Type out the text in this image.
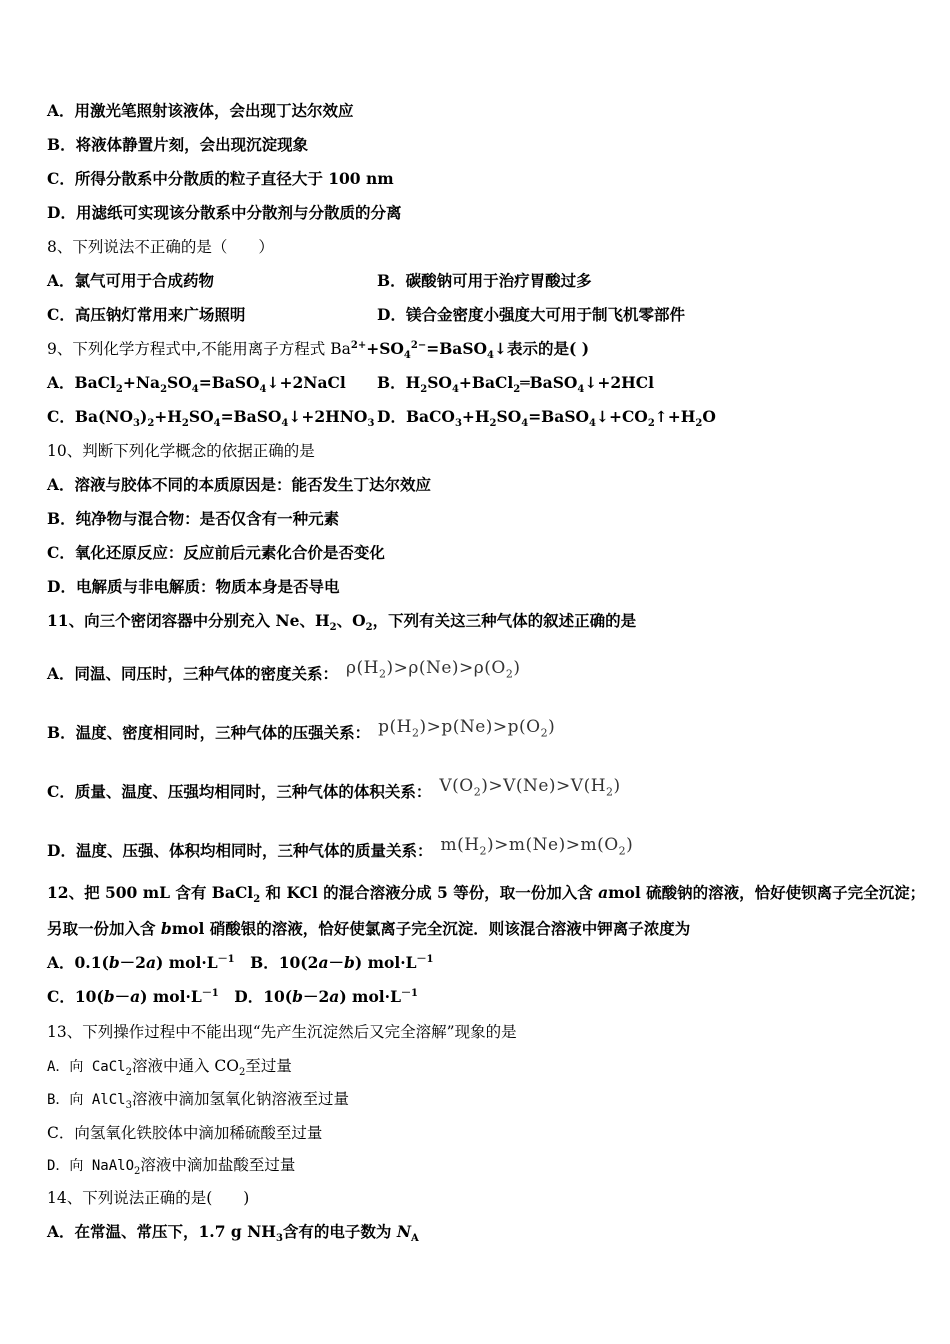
A．用激光笔照射该液体，会出现丁达尔效应
B．将液体静置片刻，会出现沉淀现象
C．所得分散系中分散质的粒子直径大于 100 nm
D．用滤纸可实现该分散系中分散剂与分散质的分离
8、下列说法不正确的是（　　）
A．氯气可用于合成药物	B．碳酸钠可用于治疗胃酸过多
C．高压钠灯常用来广场照明	D．镁合金密度小强度大可用于制飞机零部件
9、下列化学方程式中,不能用离子方程式 $Ba^{2+}+SO_4^{2-}=BaSO_4↓$表示的是( )
A．$BaCl_2+Na_2SO_4=BaSO_4↓+2NaCl$ B．$H_2SO_4+BaCl_2═BaSO_4↓+2HCl$
C．$Ba(NO_3)_2+H_2SO_4=BaSO_4↓+2HNO_3$ D．$BaCO_3+H_2SO_4=BaSO_4↓+CO_2↑+H_2O$
10、判断下列化学概念的依据正确的是
A．溶液与胶体不同的本质原因是：能否发生丁达尔效应
B．纯净物与混合物：是否仅含有一种元素
C．氧化还原反应：反应前后元素化合价是否变化
D．电解质与非电解质：物质本身是否导电
11、向三个密闭容器中分别充入 Ne、$H_2$、$O_2$，下列有关这三种气体的叙述正确的是
A．同温、同压时，三种气体的密度关系： $\rho(H_2)>\rho(Ne)>\rho(O_2)$
B．温度、密度相同时，三种气体的压强关系： $p(H_2)>p(Ne)>p(O_2)$
C．质量、温度、压强均相同时，三种气体的体积关系： $V(O_2)>V(Ne)>V(H_2)$
D．温度、压强、体积均相同时，三种气体的质量关系： $m(H_2)>m(Ne)>m(O_2)$
12、把 500 mL 含有 BaCl$_2$ 和 KCl 的混合溶液分成 5 等份，取一份加入含 amol 硫酸钠的溶液，恰好使钡离子完全沉淀；
另取一份加入含 bmol 硝酸银的溶液，恰好使氯离子完全沉淀．则该混合溶液中钾离子浓度为
A．0.1(b－2a) $mol\cdot L^{-1}$　B．10(2a－b) $mol\cdot L^{-1}$
C．10(b－a) $mol\cdot L^{-1}$　D．10(b－2a) $mol\cdot L^{-1}$
13、下列操作过程中不能出现“先产生沉淀然后又完全溶解”现象的是
A．向 CaCl$_2$溶液中通入 $CO_2$至过量
B．向 AlCl$_3$溶液中滴加氢氧化钠溶液至过量
C．向氢氧化铁胶体中滴加稀硫酸至过量
D．向 NaAlO$_2$溶液中滴加盐酸至过量
14、下列说法正确的是(　　)
A．在常温、常压下，1.7 g $NH_3$含有的电子数为 $N_A$
